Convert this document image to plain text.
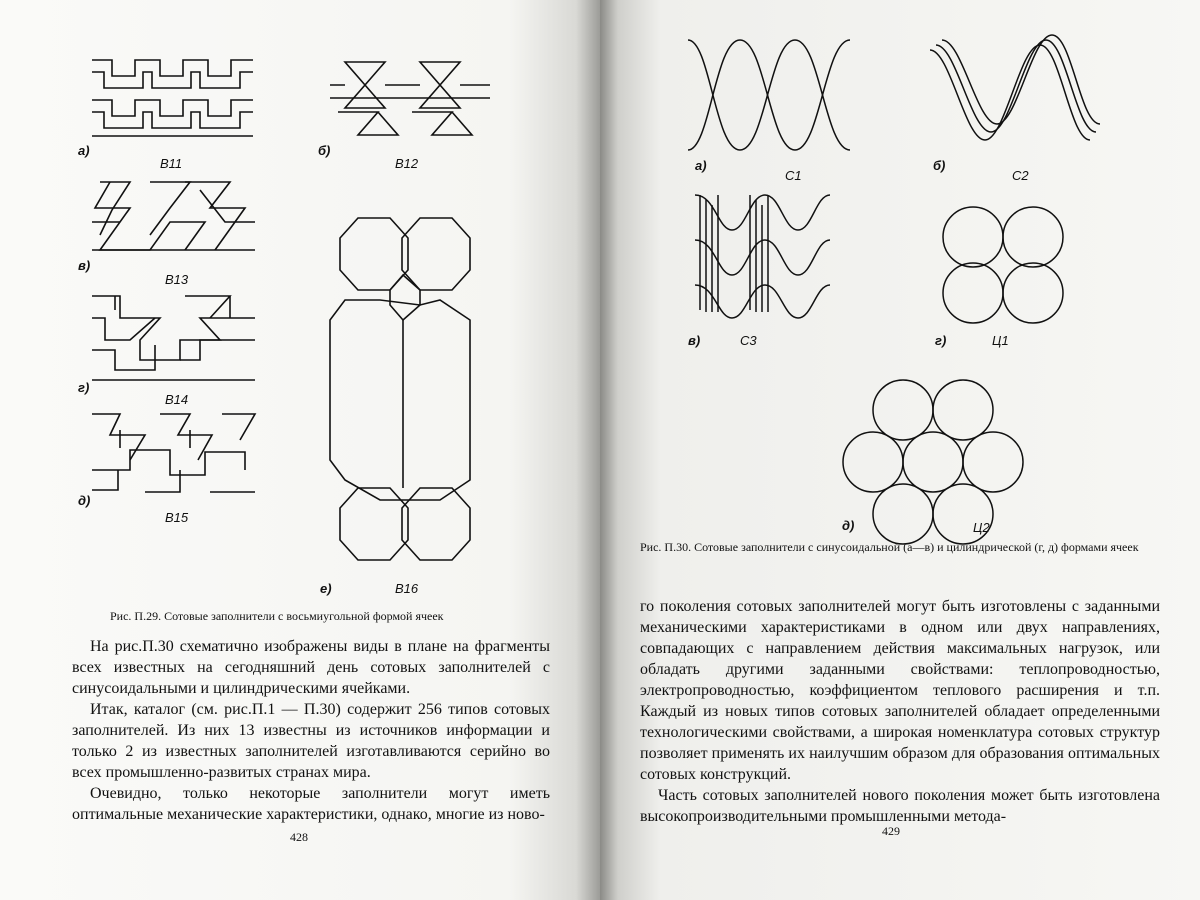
а)
В11
б)
В12
в)
В13
г)
В14
д)
В15
е)	В16
Рис. П.29. Сотовые заполнители с восьмиугольной формой ячеек

На рис.П.30 схематично изображены виды в плане на фрагменты всех известных на сегодняшний день сотовых заполнителей с синусоидальными и цилиндрическими ячейками.

Итак, каталог (см. рис.П.1 — П.30) содержит 256 типов сотовых заполнителей. Из них 13 известны из источников информации и только 2 из известных заполнителей изготавливаются серийно во всех промышленно-развитых странах мира.

Очевидно, только некоторые заполнители могут иметь оптимальные механические характеристики, однако, многие из ново-

428
а)
С1
б)
С2
в)	С3	г)	Ц1
д)	Ц2
Рис. П.30. Сотовые заполнители с синусоидальной (а—в) и цилиндрической (г, д) формами ячеек

го поколения сотовых заполнителей могут быть изготовлены с заданными механическими характеристиками в одном или двух направлениях, совпадающих с направлением действия максимальных нагрузок, или обладать другими заданными свойствами: теплопроводностью, электропроводностью, коэффициентом теплового расширения и т.п. Каждый из новых типов сотовых заполнителей обладает определенными технологическими свойствами, а широкая номенклатура сотовых структур позволяет применять их наилучшим образом для образования оптимальных сотовых конструкций.

Часть сотовых заполнителей нового поколения может быть изготовлена высокопроизводительными промышленными метода-

429
